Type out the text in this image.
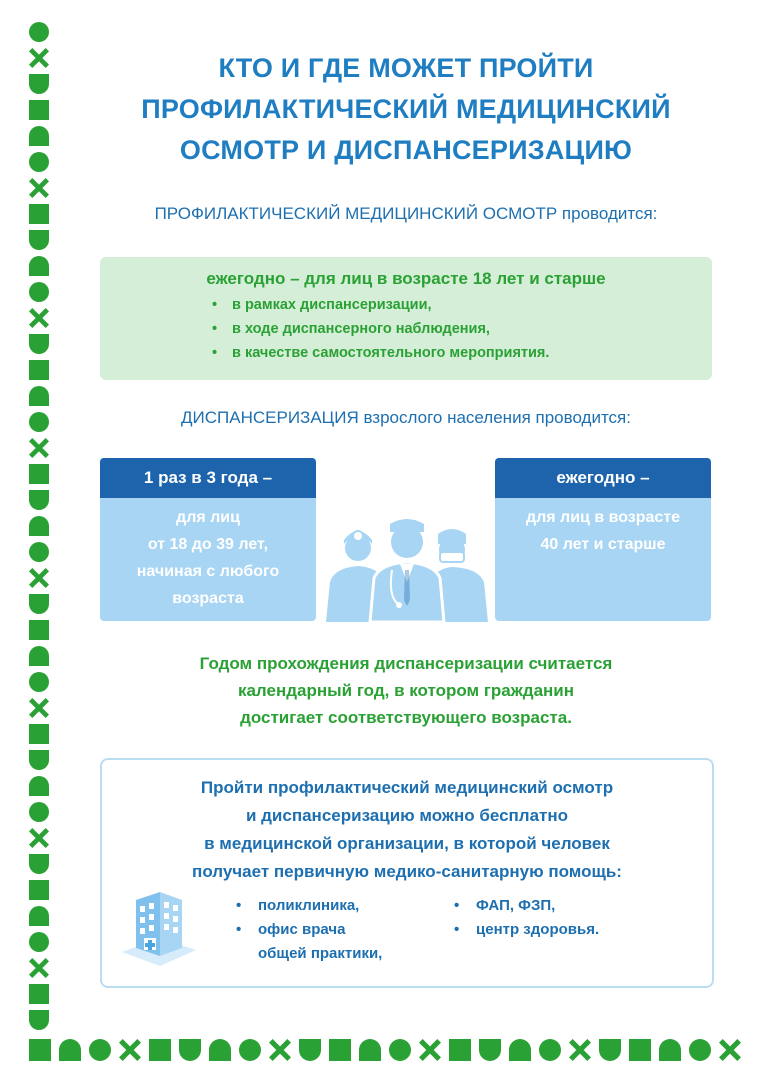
КТО И ГДЕ МОЖЕТ ПРОЙТИ
ПРОФИЛАКТИЧЕСКИЙ МЕДИЦИНСКИЙ
ОСМОТР И ДИСПАНСЕРИЗАЦИЮ
ПРОФИЛАКТИЧЕСКИЙ МЕДИЦИНСКИЙ ОСМОТР проводится:
ежегодно – для лиц в возрасте 18 лет и старше
• в рамках диспансеризации,
• в ходе диспансерного наблюдения,
• в качестве самостоятельного мероприятия.
ДИСПАНСЕРИЗАЦИЯ взрослого населения проводится:
1 раз в 3 года –
для лиц
от 18 до 39 лет,
начиная с любого
возраста
ежегодно –
для лиц в возрасте
40 лет и старше
Годом прохождения диспансеризации считается
календарный год, в котором гражданин
достигает соответствующего возраста.
Пройти профилактический медицинский осмотр
и диспансеризацию можно бесплатно
в медицинской организации, в которой человек
получает первичную медико-санитарную помощь:
• поликлиника,
• офис врача
общей практики,
• ФАП, ФЗП,
• центр здоровья.
